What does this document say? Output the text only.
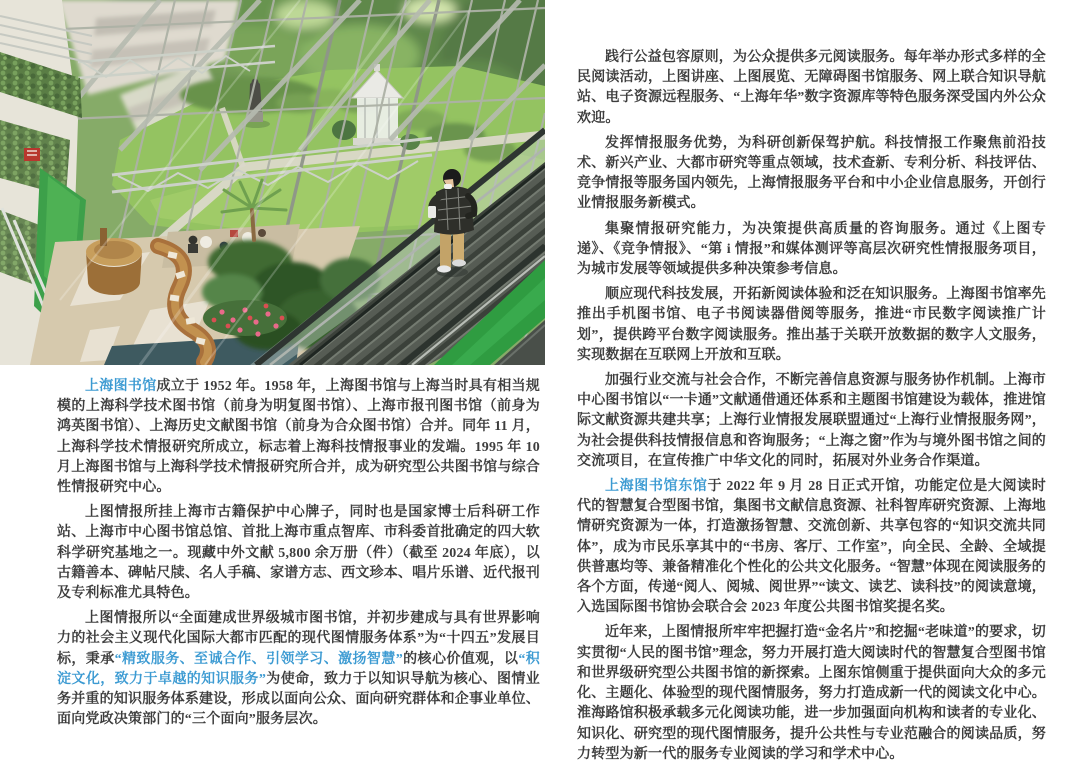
上海图书馆成立于 1952 年。1958 年，上海图书馆与上海当时具有相当规模的上海科学技术图书馆（前身为明复图书馆）、上海市报刊图书馆（前身为鸿英图书馆）、上海历史文献图书馆（前身为合众图书馆）合并。同年 11 月，上海科学技术情报研究所成立，标志着上海科技情报事业的发端。1995 年 10 月上海图书馆与上海科学技术情报研究所合并，成为研究型公共图书馆与综合性情报研究中心。

上图情报所挂上海市古籍保护中心牌子，同时也是国家博士后科研工作站、上海市中心图书馆总馆、首批上海市重点智库、市科委首批确定的四大软科学研究基地之一。现藏中外文献 5,800 余万册（件）（截至 2024 年底），以古籍善本、碑帖尺牍、名人手稿、家谱方志、西文珍本、唱片乐谱、近代报刊及专利标准尤具特色。

上图情报所以“全面建成世界级城市图书馆，并初步建成与具有世界影响力的社会主义现代化国际大都市匹配的现代图情服务体系”为“十四五”发展目标，秉承“精致服务、至诚合作、引领学习、激扬智慧”的核心价值观，以“积淀文化，致力于卓越的知识服务”为使命，致力于以知识导航为核心、图情业务并重的知识服务体系建设，形成以面向公众、面向研究群体和企事业单位、面向党政决策部门的“三个面向”服务层次。

践行公益包容原则，为公众提供多元阅读服务。每年举办形式多样的全民阅读活动，上图讲座、上图展览、无障碍图书馆服务、网上联合知识导航站、电子资源远程服务、“上海年华”数字资源库等特色服务深受国内外公众欢迎。

发挥情报服务优势，为科研创新保驾护航。科技情报工作聚焦前沿技术、新兴产业、大都市研究等重点领域，技术查新、专利分析、科技评估、竞争情报等服务国内领先，上海情报服务平台和中小企业信息服务，开创行业情报服务新模式。

集聚情报研究能力，为决策提供高质量的咨询服务。通过《上图专递》、《竞争情报》、“第 i 情报”和媒体测评等高层次研究性情报服务项目，为城市发展等领域提供多种决策参考信息。

顺应现代科技发展，开拓新阅读体验和泛在知识服务。上海图书馆率先推出手机图书馆、电子书阅读器借阅等服务，推进“市民数字阅读推广计划”，提供跨平台数字阅读服务。推出基于关联开放数据的数字人文服务，实现数据在互联网上开放和互联。

加强行业交流与社会合作，不断完善信息资源与服务协作机制。上海市中心图书馆以“一卡通”文献通借通还体系和主题图书馆建设为载体，推进馆际文献资源共建共享；上海行业情报发展联盟通过“上海行业情报服务网”，为社会提供科技情报信息和咨询服务；“上海之窗”作为与境外图书馆之间的交流项目，在宣传推广中华文化的同时，拓展对外业务合作渠道。

上海图书馆东馆于 2022 年 9 月 28 日正式开馆，功能定位是大阅读时代的智慧复合型图书馆，集图书文献信息资源、社科智库研究资源、上海地情研究资源为一体，打造激扬智慧、交流创新、共享包容的“知识交流共同体”，成为市民乐享其中的“书房、客厅、工作室”，向全民、全龄、全域提供普惠均等、兼备精准化个性化的公共文化服务。“智慧”体现在阅读服务的各个方面，传递“阅人、阅城、阅世界”“读文、读艺、读科技”的阅读意境，入选国际图书馆协会联合会 2023 年度公共图书馆奖提名奖。

近年来，上图情报所牢牢把握打造“金名片”和挖掘“老味道”的要求，切实贯彻“人民的图书馆”理念，努力开展打造大阅读时代的智慧复合型图书馆和世界级研究型公共图书馆的新探索。上图东馆侧重于提供面向大众的多元化、主题化、体验型的现代图情服务，努力打造成新一代的阅读文化中心。淮海路馆积极承载多元化阅读功能，进一步加强面向机构和读者的专业化、知识化、研究型的现代图情服务，提升公共性与专业范融合的阅读品质，努力转型为新一代的服务专业阅读的学习和学术中心。
